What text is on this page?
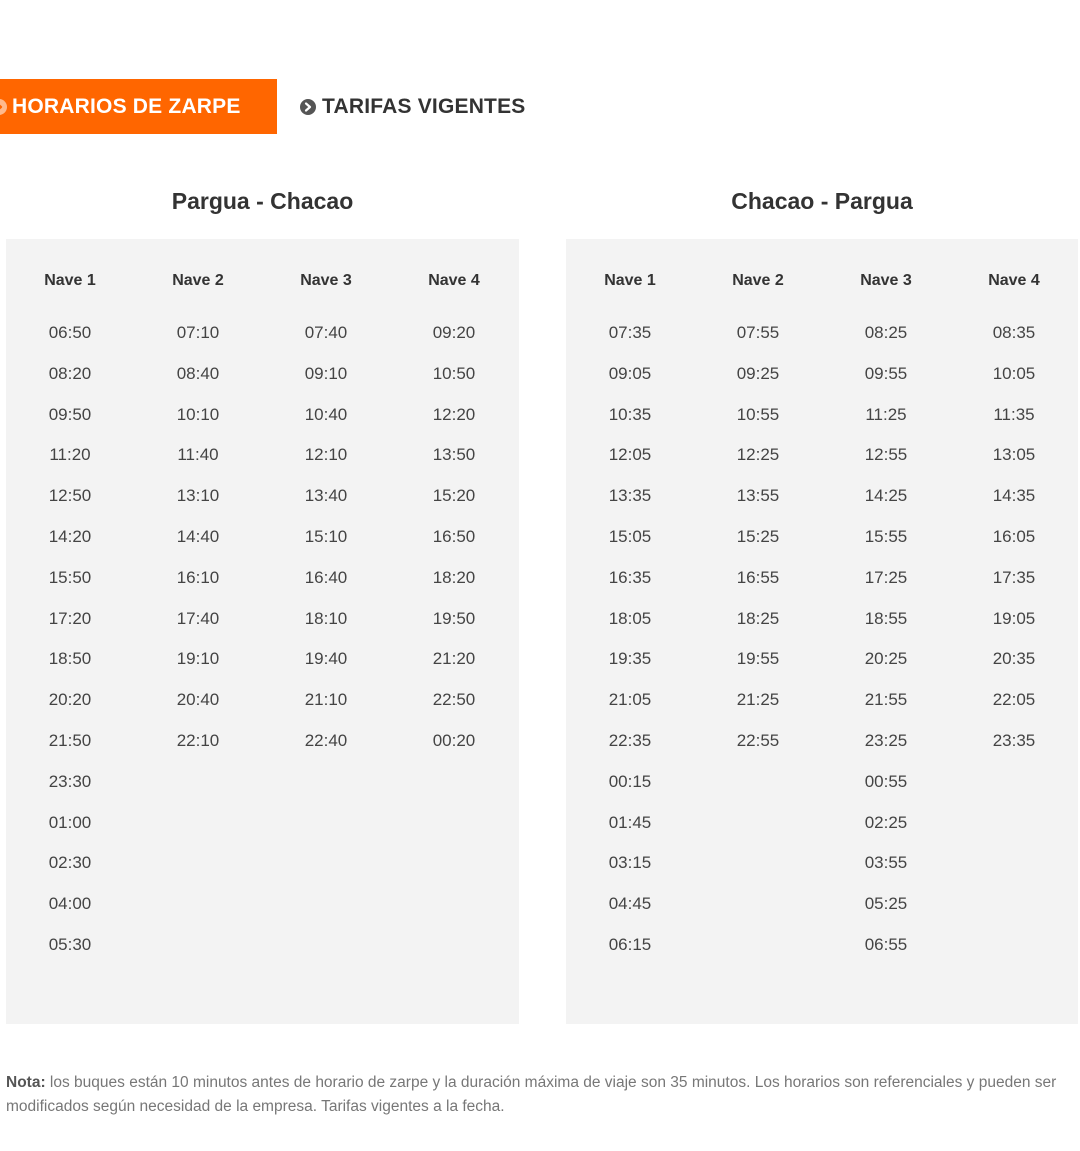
HORARIOS DE ZARPE	TARIFAS VIGENTES
Pargua - Chacao	Chacao - Pargua
Nave 1
06:50
08:20
09:50
11:20
12:50
14:20
15:50
17:20
18:50
20:20
21:50
23:30
01:00
02:30
04:00
05:30
Nave 2
07:10
08:40
10:10
11:40
13:10
14:40
16:10
17:40
19:10
20:40
22:10
Nave 3
07:40
09:10
10:40
12:10
13:40
15:10
16:40
18:10
19:40
21:10
22:40
Nave 4
09:20
10:50
12:20
13:50
15:20
16:50
18:20
19:50
21:20
22:50
00:20
Nave 1
07:35
09:05
10:35
12:05
13:35
15:05
16:35
18:05
19:35
21:05
22:35
00:15
01:45
03:15
04:45
06:15
Nave 2
07:55
09:25
10:55
12:25
13:55
15:25
16:55
18:25
19:55
21:25
22:55
Nave 3
08:25
09:55
11:25
12:55
14:25
15:55
17:25
18:55
20:25
21:55
23:25
00:55
02:25
03:55
05:25
06:55
Nave 4
08:35
10:05
11:35
13:05
14:35
16:05
17:35
19:05
20:35
22:05
23:35
Nota: los buques están 10 minutos antes de horario de zarpe y la duración máxima de viaje son 35 minutos. Los horarios son referenciales y pueden ser modificados según necesidad de la empresa. Tarifas vigentes a la fecha.
